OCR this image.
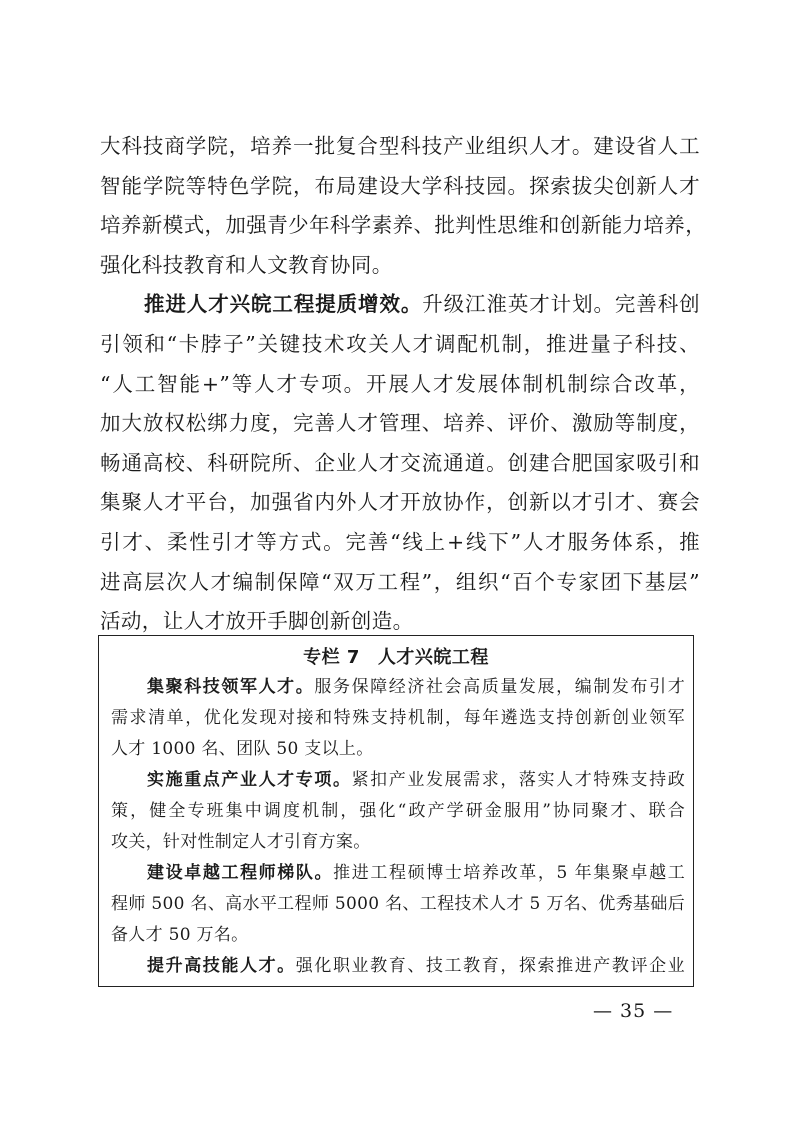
大科技商学院，培养一批复合型科技产业组织人才。建设省人工
智能学院等特色学院，布局建设大学科技园。探索拔尖创新人才
培养新模式，加强青少年科学素养、批判性思维和创新能力培养，
强化科技教育和人文教育协同。
推进人才兴皖工程提质增效。升级江淮英才计划。完善科创
引领和“卡脖子”关键技术攻关人才调配机制，推进量子科技、
“人工智能+”等人才专项。开展人才发展体制机制综合改革，
加大放权松绑力度，完善人才管理、培养、评价、激励等制度，
畅通高校、科研院所、企业人才交流通道。创建合肥国家吸引和
集聚人才平台，加强省内外人才开放协作，创新以才引才、赛会
引才、柔性引才等方式。完善“线上+线下”人才服务体系，推
进高层次人才编制保障“双万工程”，组织“百个专家团下基层”
活动，让人才放开手脚创新创造。
专栏 7 人才兴皖工程
集聚科技领军人才。服务保障经济社会高质量发展，编制发布引才
需求清单，优化发现对接和特殊支持机制，每年遴选支持创新创业领军
人才 1000 名、团队 50 支以上。
实施重点产业人才专项。紧扣产业发展需求，落实人才特殊支持政
策，健全专班集中调度机制，强化“政产学研金服用”协同聚才、联合
攻关，针对性制定人才引育方案。
建设卓越工程师梯队。推进工程硕博士培养改革，5 年集聚卓越工
程师 500 名、高水平工程师 5000 名、工程技术人才 5 万名、优秀基础后
备人才 50 万名。
提升高技能人才。强化职业教育、技工教育，探索推进产教评企业
— 35 —
